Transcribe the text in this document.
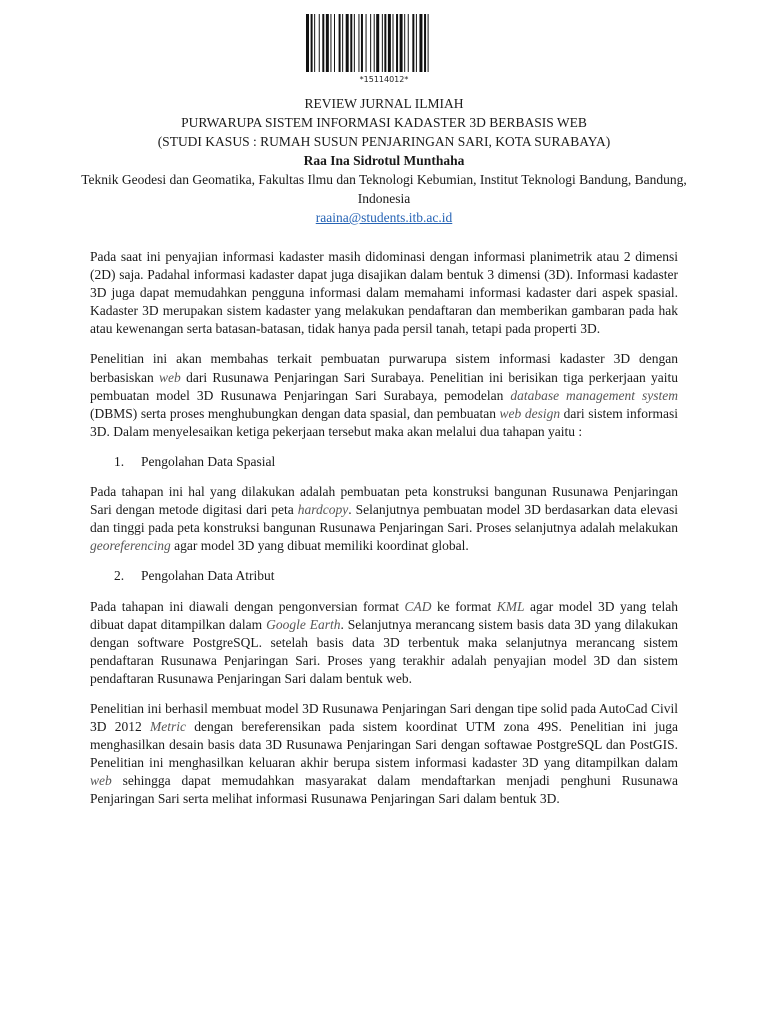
*15114012*
REVIEW JURNAL ILMIAH
PURWARUPA SISTEM INFORMASI KADASTER 3D BERBASIS WEB
(STUDI KASUS : RUMAH SUSUN PENJARINGAN SARI, KOTA SURABAYA)
Raa Ina Sidrotul Munthaha
Teknik Geodesi dan Geomatika, Fakultas Ilmu dan Teknologi Kebumian, Institut Teknologi Bandung, Bandung, Indonesia
raaina@students.itb.ac.id

Pada saat ini penyajian informasi kadaster masih didominasi dengan informasi planimetrik atau 2 dimensi (2D) saja. Padahal informasi kadaster dapat juga disajikan dalam bentuk 3 dimensi (3D). Informasi kadaster 3D juga dapat memudahkan pengguna informasi dalam memahami informasi kadaster dari aspek spasial. Kadaster 3D merupakan sistem kadaster yang melakukan pendaftaran dan memberikan gambaran pada hak atau kewenangan serta batasan-batasan, tidak hanya pada persil tanah, tetapi pada properti 3D.

Penelitian ini akan membahas terkait pembuatan purwarupa sistem informasi kadaster 3D dengan berbasiskan web dari Rusunawa Penjaringan Sari Surabaya. Penelitian ini berisikan tiga perkerjaan yaitu pembuatan model 3D Rusunawa Penjaringan Sari Surabaya, pemodelan database management system (DBMS) serta proses menghubungkan dengan data spasial, dan pembuatan web design dari sistem informasi 3D. Dalam menyelesaikan ketiga pekerjaan tersebut maka akan melalui dua tahapan yaitu :

1.	Pengolahan Data Spasial

Pada tahapan ini hal yang dilakukan adalah pembuatan peta konstruksi bangunan Rusunawa Penjaringan Sari dengan metode digitasi dari peta hardcopy. Selanjutnya pembuatan model 3D berdasarkan data elevasi dan tinggi pada peta konstruksi bangunan Rusunawa Penjaringan Sari. Proses selanjutnya adalah melakukan georeferencing agar model 3D yang dibuat memiliki koordinat global.

2.	Pengolahan Data Atribut

Pada tahapan ini diawali dengan pengonversian format CAD ke format KML agar model 3D yang telah dibuat dapat ditampilkan dalam Google Earth. Selanjutnya merancang sistem basis data 3D yang dilakukan dengan software PostgreSQL. setelah basis data 3D terbentuk maka selanjutnya merancang sistem pendaftaran Rusunawa Penjaringan Sari. Proses yang terakhir adalah penyajian model 3D dan sistem pendaftaran Rusunawa Penjaringan Sari dalam bentuk web.

Penelitian ini berhasil membuat model 3D Rusunawa Penjaringan Sari dengan tipe solid pada AutoCad Civil 3D 2012 Metric dengan bereferensikan pada sistem koordinat UTM zona 49S. Penelitian ini juga menghasilkan desain basis data 3D Rusunawa Penjaringan Sari dengan softawae PostgreSQL dan PostGIS. Penelitian ini menghasilkan keluaran akhir berupa sistem informasi kadaster 3D yang ditampilkan dalam web sehingga dapat memudahkan masyarakat dalam mendaftarkan menjadi penghuni Rusunawa Penjaringan Sari serta melihat informasi Rusunawa Penjaringan Sari dalam bentuk 3D.
